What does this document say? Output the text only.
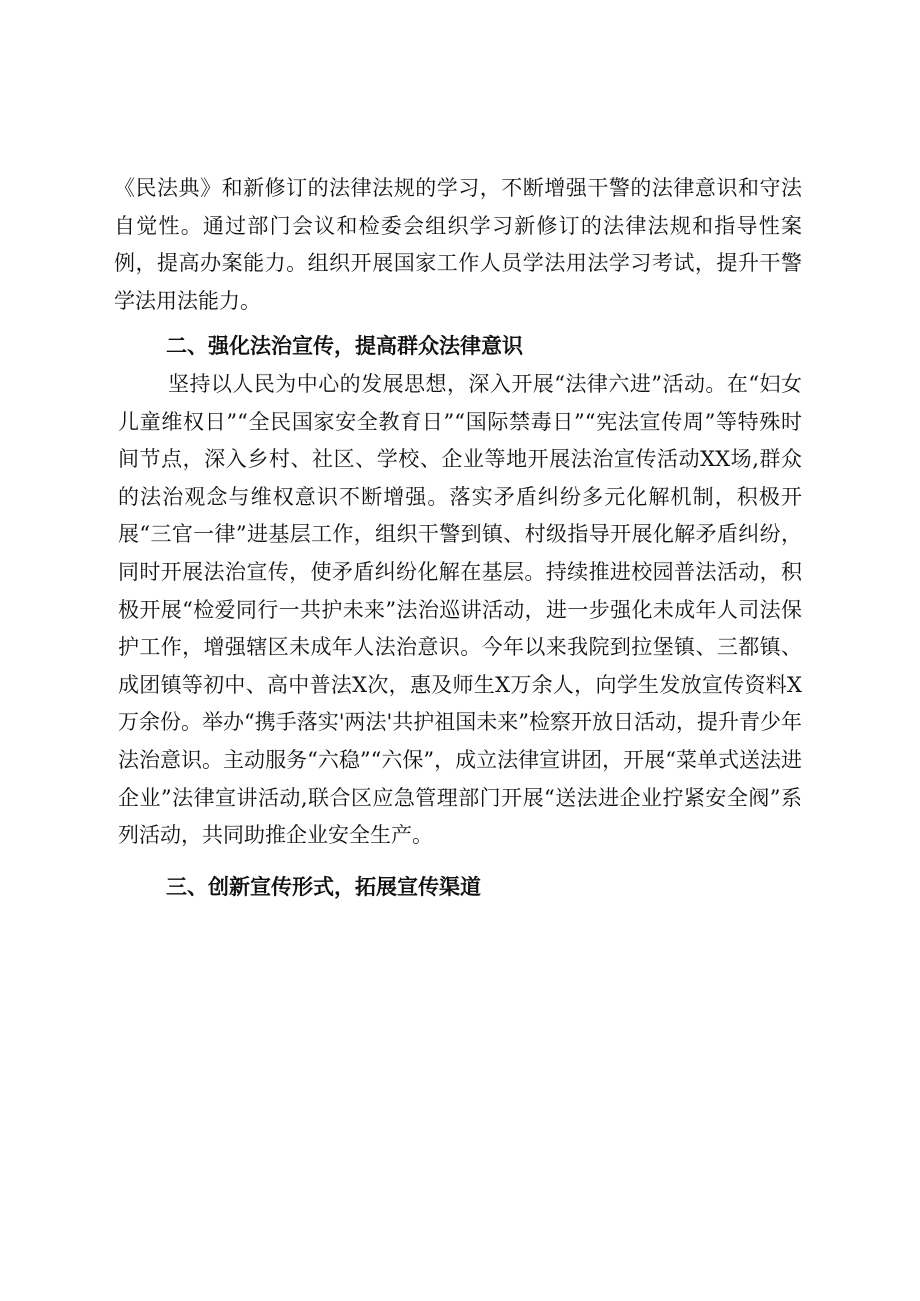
《民法典》和新修订的法律法规的学习，不断增强干警的法律意识和守法自觉性。通过部门会议和检委会组织学习新修订的法律法规和指导性案例，提高办案能力。组织开展国家工作人员学法用法学习考试，提升干警学法用法能力。

二、强化法治宣传，提高群众法律意识

坚持以人民为中心的发展思想，深入开展“法律六进”活动。在“妇女儿童维权日”“全民国家安全教育日”“国际禁毒日”“宪法宣传周”等特殊时间节点，深入乡村、社区、学校、企业等地开展法治宣传活动XX场,群众的法治观念与维权意识不断增强。落实矛盾纠纷多元化解机制，积极开展“三官一律”进基层工作，组织干警到镇、村级指导开展化解矛盾纠纷，同时开展法治宣传，使矛盾纠纷化解在基层。持续推进校园普法活动，积极开展“检爱同行一共护未来”法治巡讲活动，进一步强化未成年人司法保护工作，增强辖区未成年人法治意识。今年以来我院到拉堡镇、三都镇、成团镇等初中、高中普法X次，惠及师生X万余人，向学生发放宣传资料X万余份。举办“携手落实'两法'共护祖国未来”检察开放日活动，提升青少年法治意识。主动服务“六稳”“六保”，成立法律宣讲团，开展“菜单式送法进企业”法律宣讲活动,联合区应急管理部门开展“送法进企业拧紧安全阀”系列活动，共同助推企业安全生产。

三、创新宣传形式，拓展宣传渠道
